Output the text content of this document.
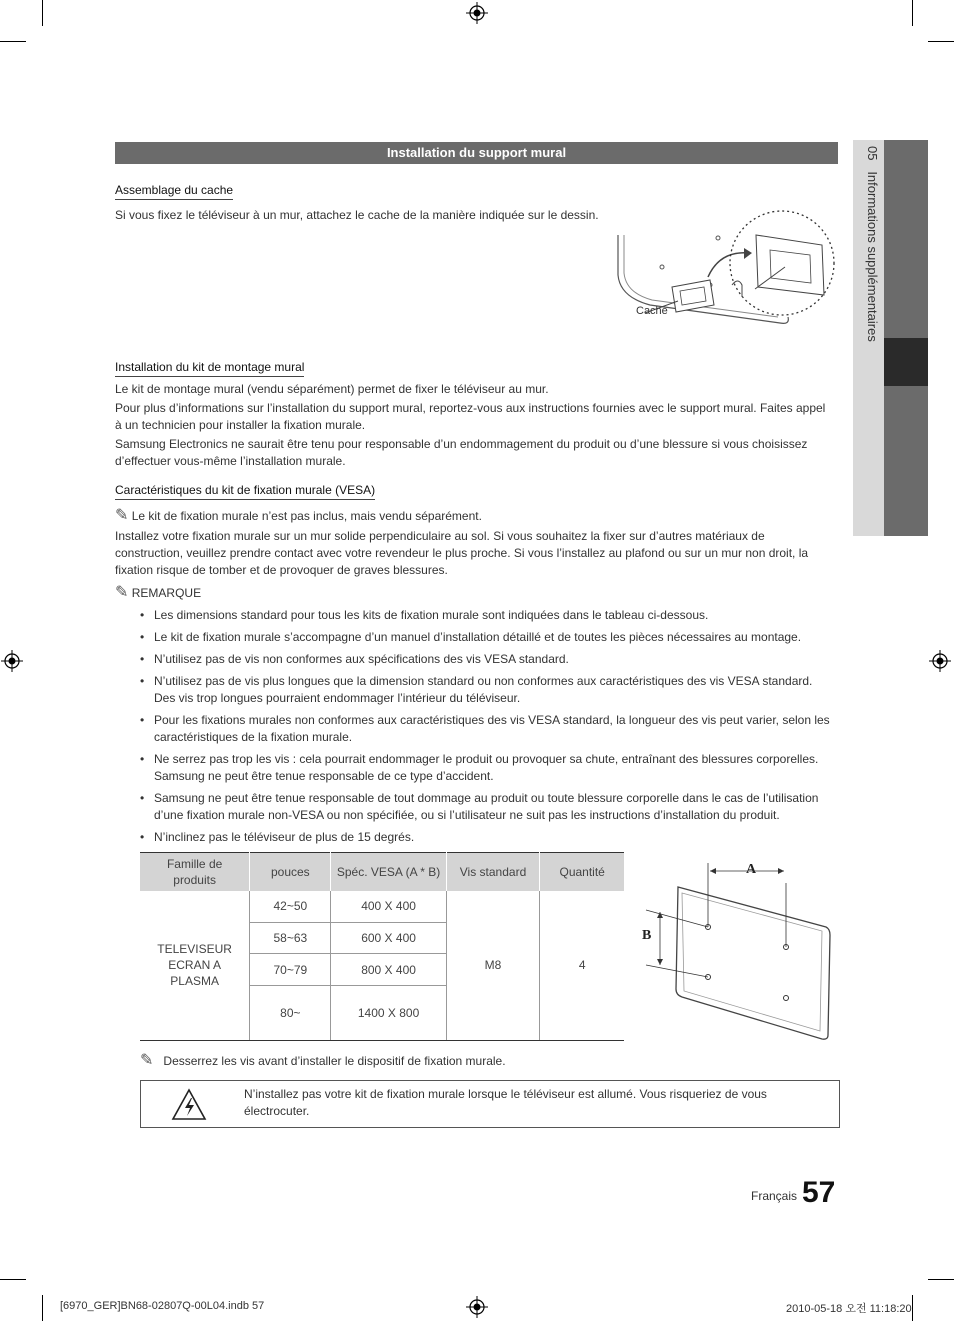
Installation du support mural	05   Informations supplémentaires
Assemblage du cache
Si vous fixez le téléviseur à un mur, attachez le cache de la manière indiquée sur le dessin.
Cache
Installation du kit de montage mural
Le kit de montage mural (vendu séparément) permet de fixer le téléviseur au mur.
Pour plus d’informations sur l’installation du support mural, reportez-vous aux instructions fournies avec le support mural. Faites appel à un technicien pour installer la fixation murale.
Samsung Electronics ne saurait être tenu pour responsable d’un endommagement du produit ou d’une blessure si vous choisissez d’effectuer vous-même l’installation murale.
Caractéristiques du kit de fixation murale (VESA)
✎ Le kit de fixation murale n’est pas inclus, mais vendu séparément.
Installez votre fixation murale sur un mur solide perpendiculaire au sol. Si vous souhaitez la fixer sur d’autres matériaux de construction, veuillez prendre contact avec votre revendeur le plus proche. Si vous l’installez au plafond ou sur un mur non droit, la fixation risque de tomber et de provoquer de graves blessures.
✎ REMARQUE
• Les dimensions standard pour tous les kits de fixation murale sont indiquées dans le tableau ci-dessous.
• Le kit de fixation murale s’accompagne d’un manuel d’installation détaillé et de toutes les pièces nécessaires au montage.
• N’utilisez pas de vis non conformes aux spécifications des vis VESA standard.
• N’utilisez pas de vis plus longues que la dimension standard ou non conformes aux caractéristiques des vis VESA standard. Des vis trop longues pourraient endommager l’intérieur du téléviseur.
• Pour les fixations murales non conformes aux caractéristiques des vis VESA standard, la longueur des vis peut varier, selon les caractéristiques de la fixation murale.
• Ne serrez pas trop les vis : cela pourrait endommager le produit ou provoquer sa chute, entraînant des blessures corporelles. Samsung ne peut être tenue responsable de ce type d’accident.
• Samsung ne peut être tenue responsable de tout dommage au produit ou toute blessure corporelle dans le cas de l’utilisation d’une fixation murale non-VESA ou non spécifiée, ou si l’utilisateur ne suit pas les instructions d’installation du produit.
• N’inclinez pas le téléviseur de plus de 15 degrés.
Famille de produits	pouces	Spéc. VESA (A * B)	Vis standard	Quantité
TELEVISEUR ECRAN A PLASMA	42~50	400 X 400	M8	4
	58~63	600 X 400		
	70~79	800 X 400		
	80~	1400 X 800		
A
B
✎ Desserrez les vis avant d’installer le dispositif de fixation murale.
N’installez pas votre kit de fixation murale lorsque le téléviseur est allumé. Vous risqueriez de vous électrocuter.
Français 57
[6970_GER]BN68-02807Q-00L04.indb 57	2010-05-18 오전 11:18:20
